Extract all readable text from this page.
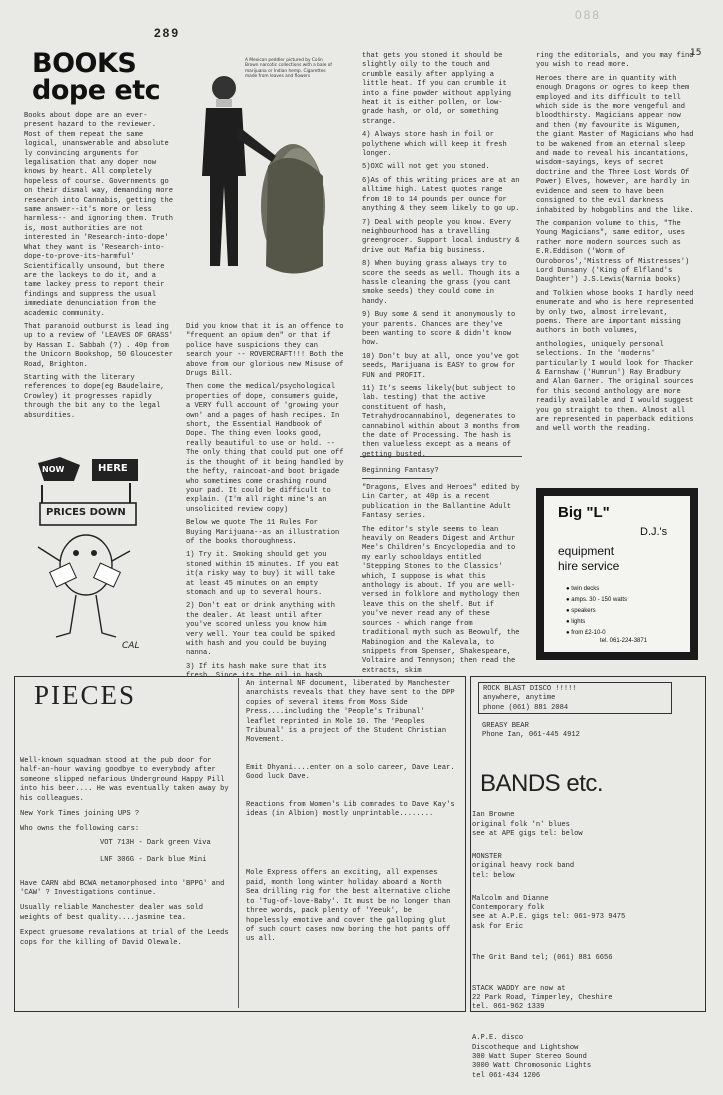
289
088
15
BOOKS
dope etc
A Mexican peddler pictured by Colin Brown narcotic collections with a bale of marijuana or Indian hemp. Cigarettes made from leaves and flowers

Books about dope are an ever-present hazard to the reviewer. Most of them repeat the same logical, unanswerable and absolute ly convincing arguments for legalisation that any doper now knows by heart. All completely hopeless of course. Governments go on their dismal way, demanding more research into Cannabis, getting the same answer--it's more or less harmless-- and ignoring them. Truth is, most authorities are not interested in 'Research-into-dope' What they want is 'Research-into-dope-to-prove-its-harmful' Scientifically unsound, but there are the lackeys to do it, and a tame lackey press to report their findings and suppress the usual immediate denunciation from the academic community.

That paranoid outburst is lead ing up to a review of 'LEAVES OF GRASS' by Hassan I. Sabbah (?) . 40p from the Unicorn Bookshop, 50 Gloucester Road, Brighton.

Starting with the literary references to dope(eg Baudelaire, Crowley) it progresses rapidly through the bit any to the legal absurdities.

NOW	HERE
PRICES DOWN
CAL

Did you know that it is an offence to "frequent an opium den" or that if police have suspicions they can search your -- ROVERCRAFT!!! Both the above from our glorious new Misuse of Drugs Bill.

Then come the medical/psychological properties of dope, consumers guide, a VERY full account of 'growing your own' and a pages of hash recipes. In short, the Essential Handbook of Dope. The thing even looks good, really beautiful to use or hold. --The only thing that could put one off is the thought of it being handled by the hefty, raincoat-and boot brigade who sometimes come crashing round your pad. It could be difficult to explain. (I'm all right mine's an unsolicited review copy)

Below we quote The 11 Rules For Buying Marijuana--as an illustration of the books thoroughness.

1) Try it. Smoking should get you stoned within 15 minutes. If you eat it(a risky way to buy) it will take at least 45 minutes on an empty stomach and up to several hours.

2) Don't eat or drink anything with the dealer. At least until after you've scored unless you know him very well. Your tea could be spiked with hash and you could be buying nanna.

3) If its hash make sure that its fresh. Since its the oil in hash

that gets you stoned it should be slightly oily to the touch and crumble easily after applying a little heat. If you can crumble it into a fine powder without applying heat it is either pollen, or low-grade hash, or old, or something strange.

4) Always store hash in foil or polythene which will keep it fresh longer.

5)OXC will not get you stoned.

6)As of this writing prices are at an alltime high. Latest quotes range from 10 to 14 pounds per ounce for anything & they seem likely to go up.

7) Deal with people you know. Every neighbourhood has a travelling greengrocer. Support local industry & drive out Mafia big business.

8) When buying grass always try to score the seeds as well. Though its a hassle cleaning the grass (you cant smoke seeds) they could come in handy.

9) Buy some & send it anonymously to your parents. Chances are they've been wanting to score & didn't know how.

10) Don't buy at all, once you've got seeds, Marijuana is EASY to grow for FUN and PROFIT.

11) It's seems likely(but subject to lab. testing) that the active constituent of hash, Tetrahydrocannabinol, degenerates to cannabinol within about 3 months from the date of Processing. The hash is then valueless except as a means of getting busted.

Beginning Fantasy?

"Dragons, Elves and Heroes" edited by Lin Carter, at 40p is a recent publication in the Ballantine Adult Fantasy series.

The editor's style seems to lean heavily on Readers Digest and Arthur Mee's Children's Encyclopedia and to my early schooldays entitled 'Stepping Stones to the Classics' which, I suppose is what this anthology is about. If you are well-versed in folklore and mythology then leave this on the shelf. But if you've never read any of these sources - which range from traditional myth such as Beowulf, the Mabinogion and the Kalevala, to snippets from Spenser, Shakespeare, Voltaire and Tennyson; then read the extracts, skim

ring the editorials, and you may find you wish to read more.

Heroes there are in quantity with enough Dragons or ogres to keep them employed and its difficult to tell which side is the more vengeful and bloodthirsty. Magicians appear now and then (my favourite is Wigumen, the giant Master of Magicians who had to be wakened from an eternal sleep and made to reveal his incantations, wisdom-sayings, keys of secret doctrine and the Three Lost Words Of Power) Elves, however, are hardly in evidence and seem to have been consigned to the evil darkness inhabited by hobgoblins and the like.

The companion volume to this, "The Young Magicians", same editor, uses rather more modern sources such as E.R.Eddison ('Worm of Ouroboros','Mistress of Mistresses') Lord Dunsany ('King of Elfland's Daughter') J.S.Lewis(Narnia books)

and Tolkien whose books I hardly need enumerate and who is here represented by only two, almost irrelevant, poems. There are important missing authors in both volumes,

anthologies, uniquely personal selections. In the 'moderns' particularly I would look for Thacker & Earnshaw ('Humrun') Ray Bradbury and Alan Garner. The original sources for this second anthology are more readily available and I would suggest you go straight to them. Almost all are represented in paperback editions and well worth the reading.

Big "L"
D.J.'s
equipment
hire service
● twin decks
● amps. 30 - 150 watts
● speakers
● lights
● from £2-10-0
tel. 061-224-3871
PIECES

Well-known squadman stood at the pub door for half-an-hour waving goodbye to everybody after someone slipped nefarious Underground Happy Pill into his beer.... He was eventually taken away by his colleagues.

New York Times joining UPS ?

Who owns the following cars:

VOT 713H - Dark green Viva
LNF 306G - Dark blue Mini

Have CARN abd BCWA metamorphosed into 'BPPG' and 'CAW' ? Investigations continue.

Usually reliable Manchester dealer was sold weights of best quality....jasmine tea.

Expect gruesome revalations at trial of the Leeds cops for the killing of David Olewale.

An internal NF document, liberated by Manchester anarchists reveals that they have sent to the DPP copies of several items from Moss Side Press....including the 'People's Tribunal' leaflet reprinted in Mole 10. The 'Peoples Tribunal' is a project of the Student Christian Movement.

Emit Dhyani....enter on a solo career, Dave Lear. Good luck Dave.

Reactions from Women's Lib comrades to Dave Kay's ideas (in Albion) mostly unprintable........

Mole Express offers an exciting, all expenses paid, month long winter holiday aboard a North Sea drilling rig for the best alternative cliche to 'Tug-of-love-Baby'. It must be no longer than three words, pack plenty of 'Yeeuk', be hopelessly emotive and cover the galloping glut of such court cases now boring the hot pants off us all.

ROCK BLAST DISCO !!!!!
anywhere, anytime
phone (061) 881 2084
GREASY BEAR
Phone Ian, 061-445 4912
BANDS etc.

Ian Browne
original folk 'n' blues
see at APE gigs tel: below

MONSTER
original heavy rock band
tel: below

Malcolm and Dianne
Contemporary folk
see at A.P.E. gigs tel: 061-973 9475
ask for Eric

The Grit Band tel; (061) 881 6656

STACK WADDY are now at
22 Park Road, Timperley, Cheshire
tel. 061-962 1339

A.P.E. disco
Discotheque and Lightshow
300 Watt Super Stereo Sound
3000 Watt Chromosonic Lights
tel 061-434 1206
